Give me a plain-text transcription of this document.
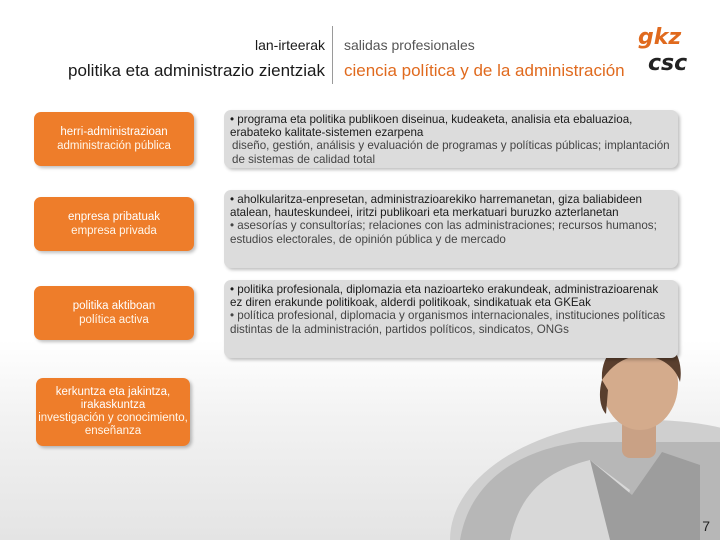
lan-irteerak
politika eta administrazio zientziak
salidas profesionales
ciencia política y de la administración
gkz
csc
herri-administrazioan
administración pública
• programa eta politika publikoen diseinua, kudeaketa, analisia eta ebaluazioa, erabateko kalitate-sistemen ezarpena
diseño, gestión, análisis y evaluación de programas y políticas públicas; implantación de sistemas de calidad total
enpresa pribatuak
empresa privada
• aholkularitza-enpresetan, administrazioarekiko harremanetan, giza baliabideen atalean, hauteskundeei, iritzi publikoari eta merkatuari buruzko azterlanetan
• asesorías y consultorías; relaciones con las administraciones; recursos humanos; estudios electorales, de opinión pública y de mercado
politika aktiboan
política activa
• politika profesionala, diplomazia eta nazioarteko erakundeak, administrazioarenak ez diren erakunde politikoak, alderdi politikoak, sindikatuak eta GKEak
• política profesional, diplomacia y organismos internacionales, instituciones políticas distintas de la administración, partidos políticos, sindicatos, ONGs
kerkuntza eta jakintza, irakaskuntza
investigación y conocimiento, enseñanza
7
